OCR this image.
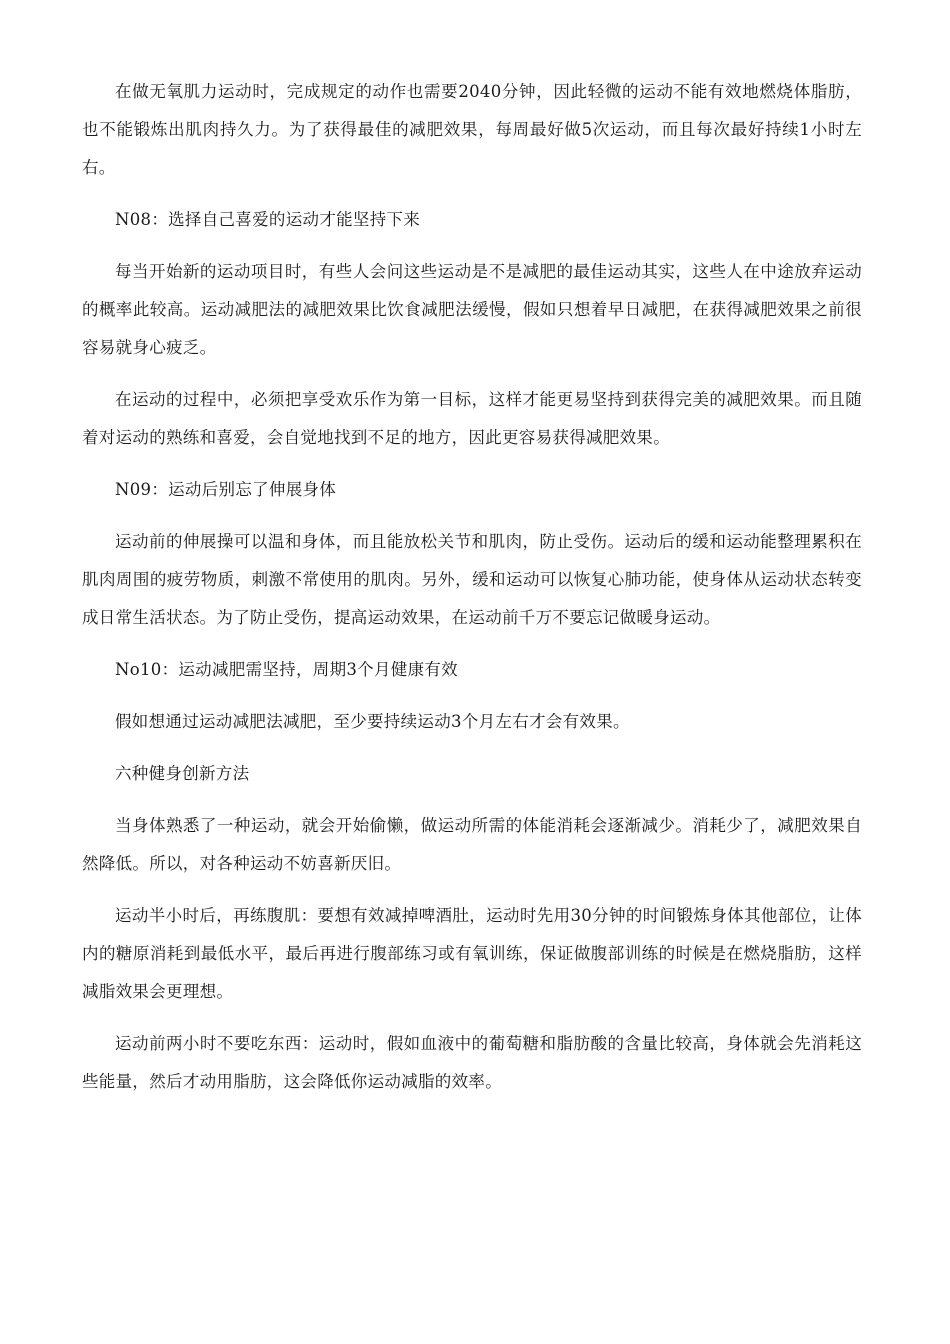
在做无氧肌力运动时，完成规定的动作也需要2040分钟，因此轻微的运动不能有效地燃烧体脂肪，也不能锻炼出肌肉持久力。为了获得最佳的减肥效果，每周最好做5次运动，而且每次最好持续1小时左右。

N08：选择自己喜爱的运动才能坚持下来

每当开始新的运动项目时，有些人会问这些运动是不是减肥的最佳运动其实，这些人在中途放弃运动的概率此较高。运动减肥法的减肥效果比饮食减肥法缓慢，假如只想着早日减肥，在获得减肥效果之前很容易就身心疲乏。

在运动的过程中，必须把享受欢乐作为第一目标，这样才能更易坚持到获得完美的减肥效果。而且随着对运动的熟练和喜爱，会自觉地找到不足的地方，因此更容易获得减肥效果。

N09：运动后别忘了伸展身体

运动前的伸展操可以温和身体，而且能放松关节和肌肉，防止受伤。运动后的缓和运动能整理累积在肌肉周围的疲劳物质，刺激不常使用的肌肉。另外，缓和运动可以恢复心肺功能，使身体从运动状态转变成日常生活状态。为了防止受伤，提高运动效果，在运动前千万不要忘记做暖身运动。

No10：运动减肥需坚持，周期3个月健康有效

假如想通过运动减肥法减肥，至少要持续运动3个月左右才会有效果。

六种健身创新方法

当身体熟悉了一种运动，就会开始偷懒，做运动所需的体能消耗会逐渐减少。消耗少了，减肥效果自然降低。所以，对各种运动不妨喜新厌旧。

运动半小时后，再练腹肌：要想有效减掉啤酒肚，运动时先用30分钟的时间锻炼身体其他部位，让体内的糖原消耗到最低水平，最后再进行腹部练习或有氧训练，保证做腹部训练的时候是在燃烧脂肪，这样减脂效果会更理想。

运动前两小时不要吃东西：运动时，假如血液中的葡萄糖和脂肪酸的含量比较高，身体就会先消耗这些能量，然后才动用脂肪，这会降低你运动减脂的效率。
